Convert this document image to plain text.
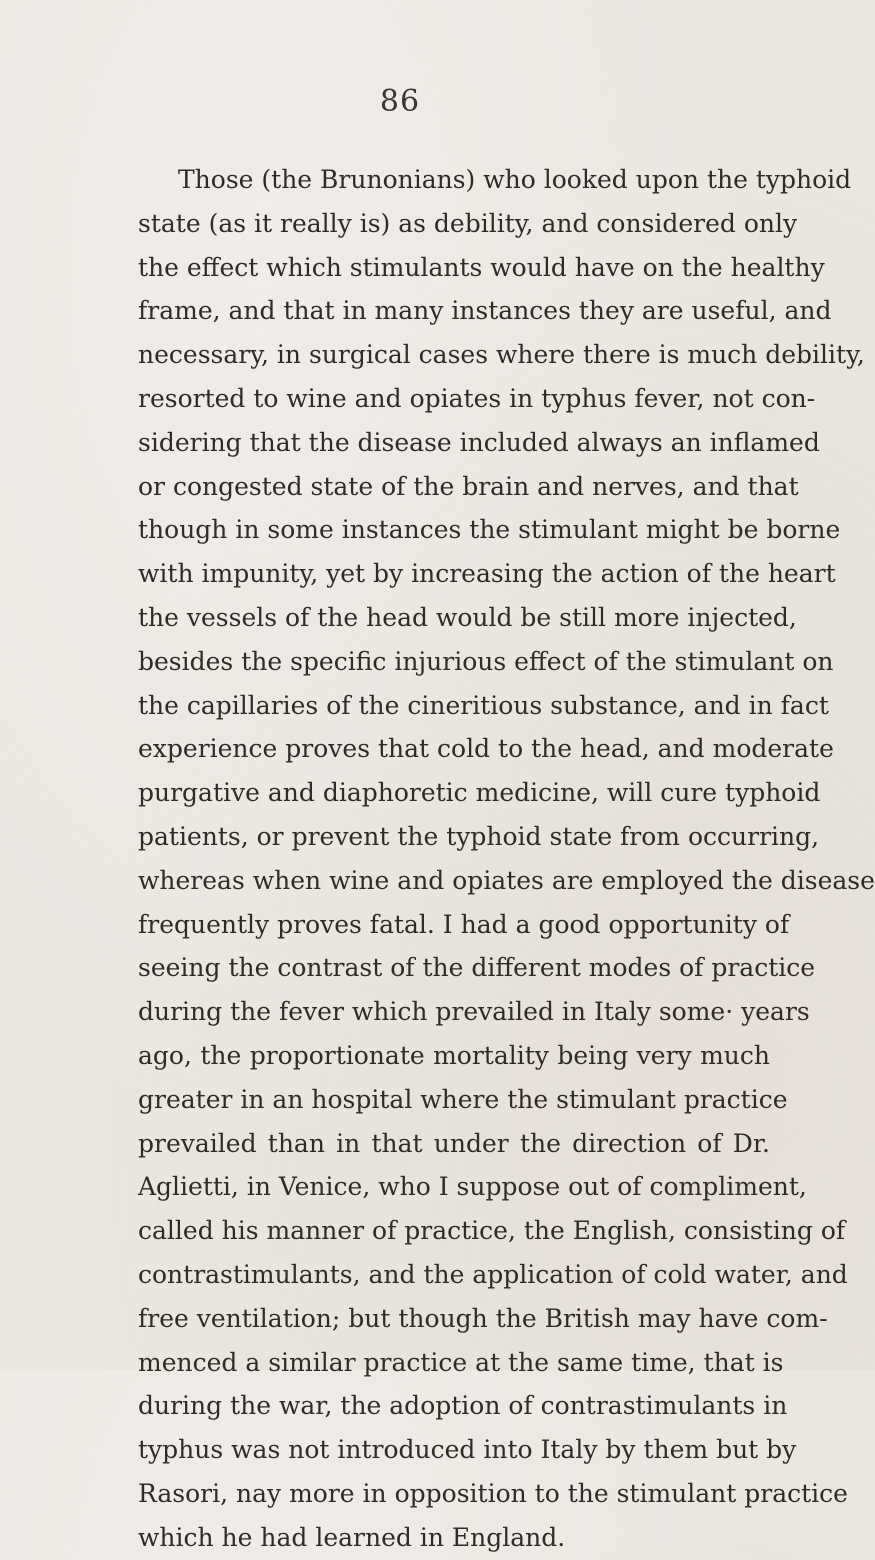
86
Those (the Brunonians) who looked upon the typhoid
state (as it really is) as debility, and considered only
the effect which stimulants would have on the healthy
frame, and that in many instances they are useful, and
necessary, in surgical cases where there is much debility,
resorted to wine and opiates in typhus fever, not con-
sidering that the disease included always an inflamed
or congested state of the brain and nerves, and that
though in some instances the stimulant might be borne
with impunity, yet by increasing the action of the heart
the vessels of the head would be still more injected,
besides the specific injurious effect of the stimulant on
the capillaries of the cineritious substance, and in fact
experience proves that cold to the head, and moderate
purgative and diaphoretic medicine, will cure typhoid
patients, or prevent the typhoid state from occurring,
whereas when wine and opiates are employed the disease
frequently proves fatal. I had a good opportunity of
seeing the contrast of the different modes of practice
during the fever which prevailed in Italy some· years
ago, the proportionate mortality being very much
greater in an hospital where the stimulant practice
prevailed than in that under the direction of Dr.
Aglietti, in Venice, who I suppose out of compliment,
called his manner of practice, the English, consisting of
contrastimulants, and the application of cold water, and
free ventilation; but though the British may have com-
menced a similar practice at the same time, that is
during the war, the adoption of contrastimulants in
typhus was not introduced into Italy by them but by
Rasori, nay more in opposition to the stimulant practice
which he had learned in England.
